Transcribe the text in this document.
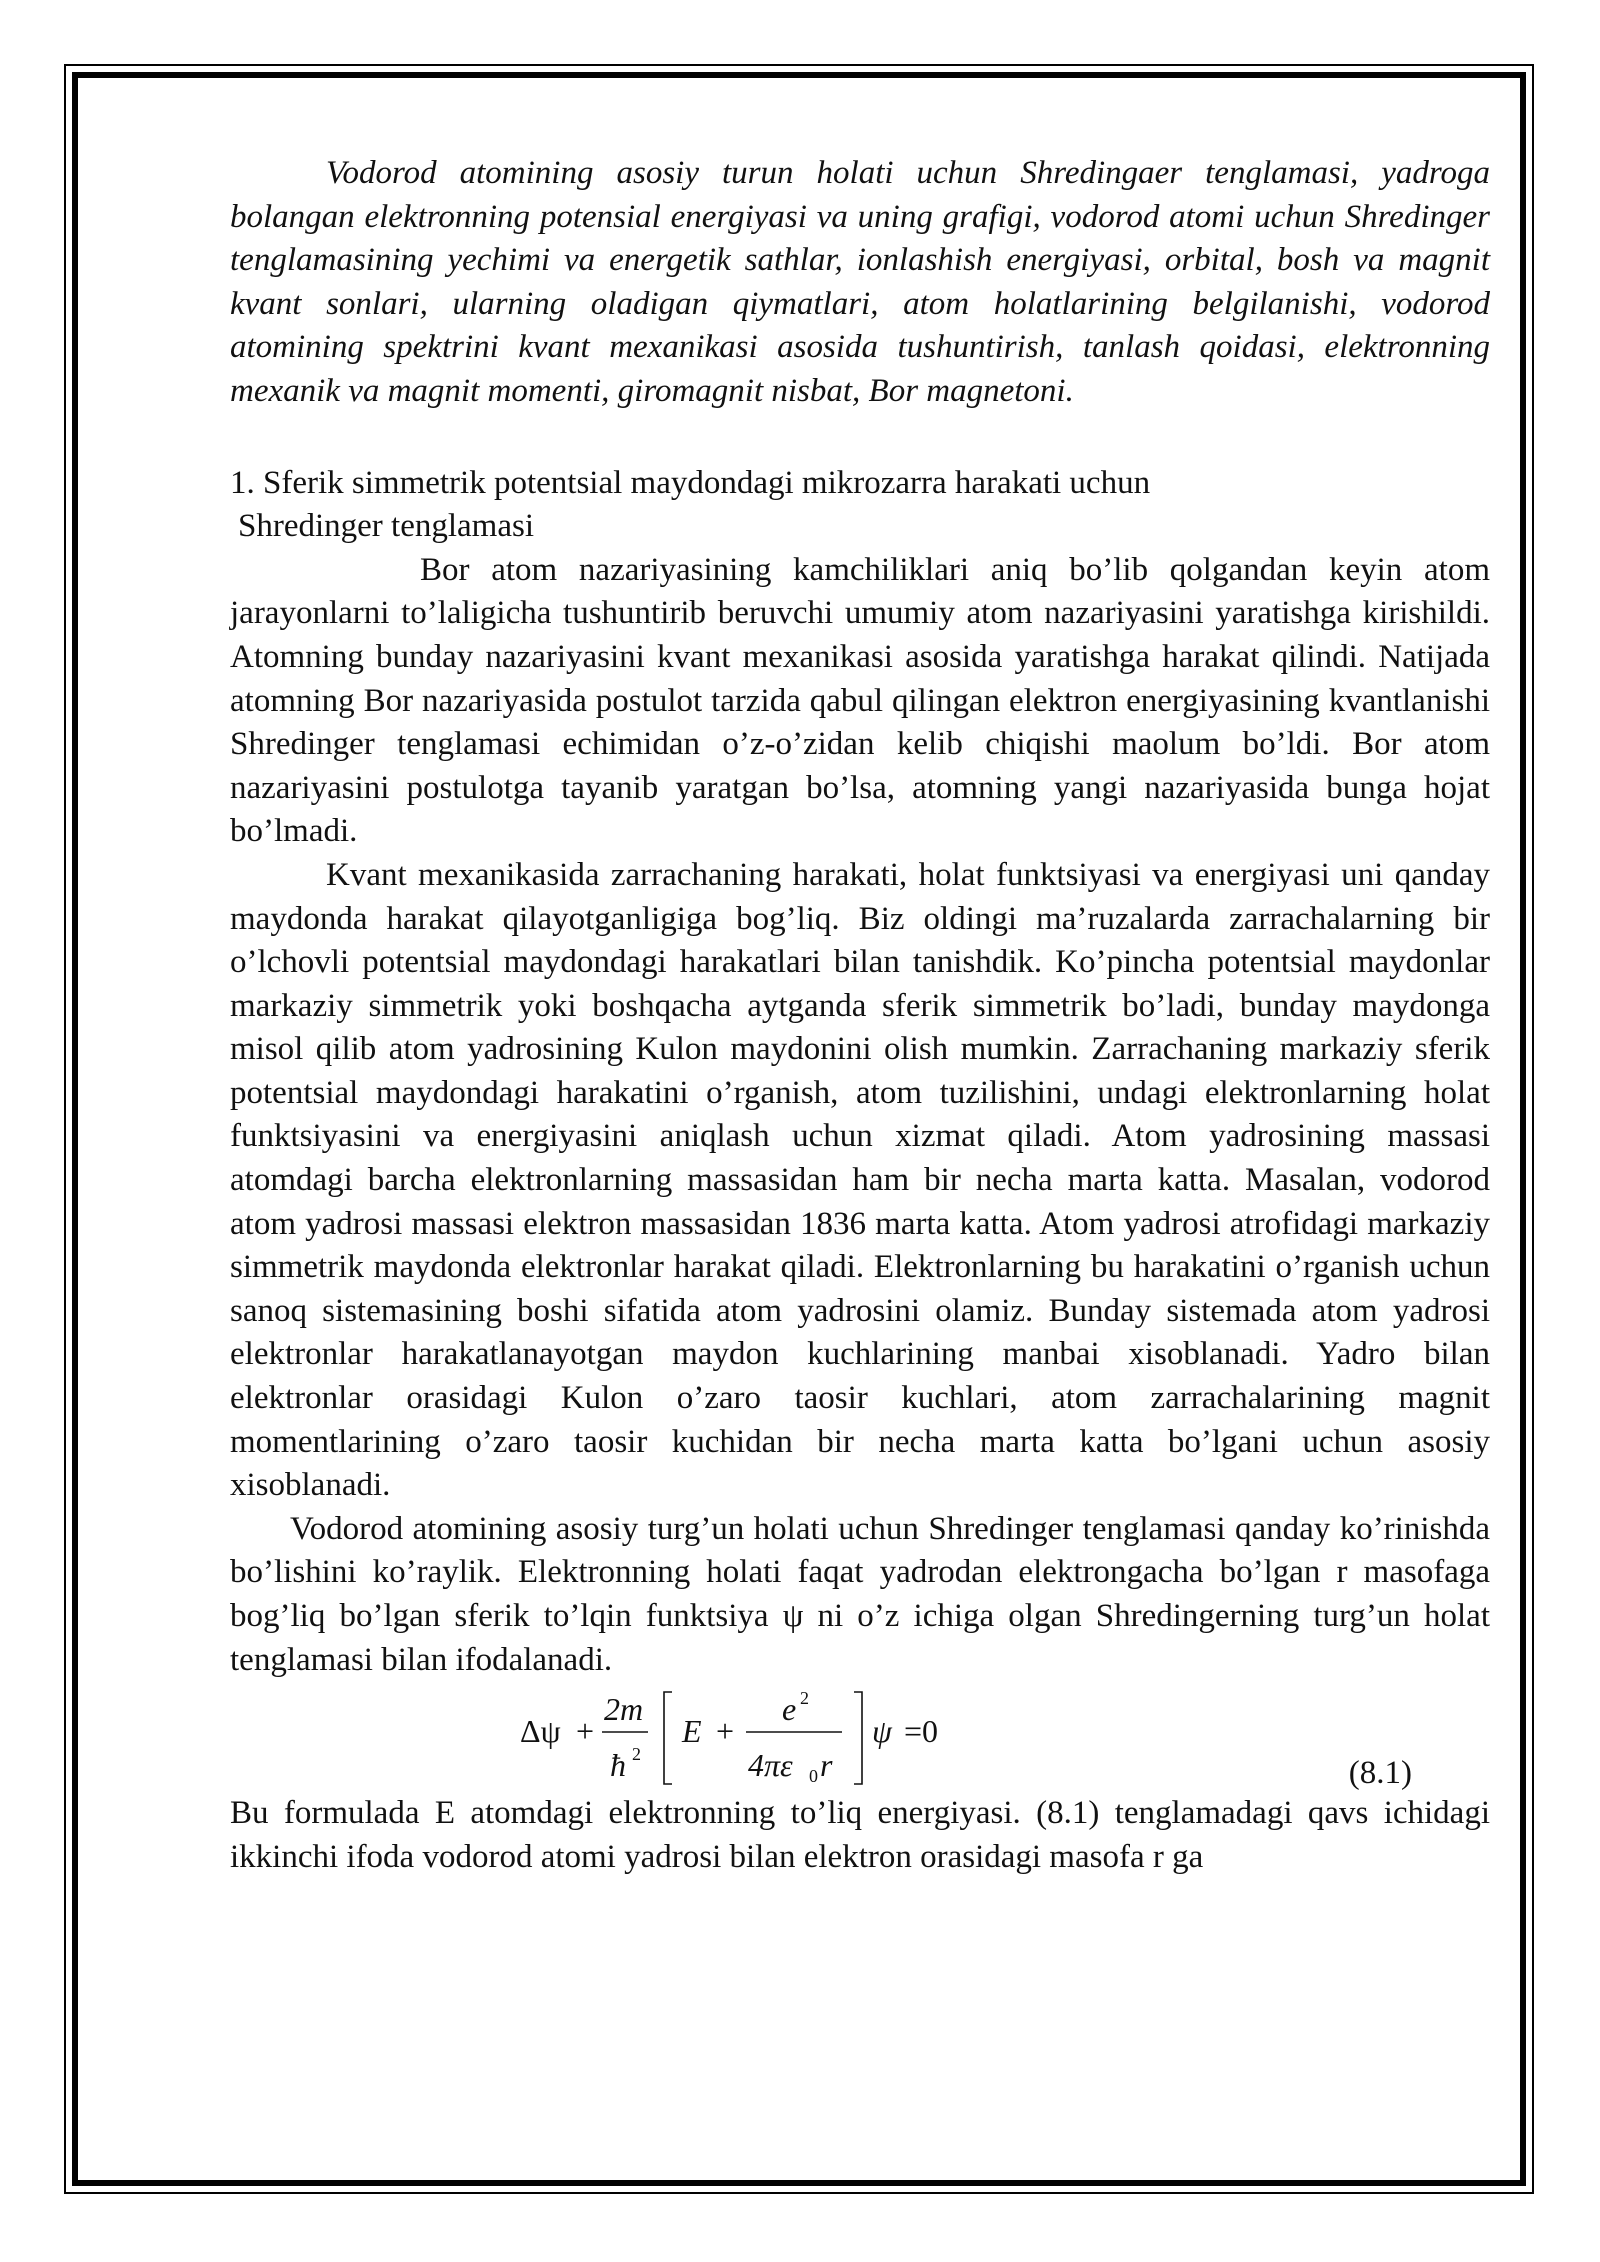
Vodorod atomining asosiy turun holati uchun Shredingaer tenglamasi, yadroga bolangan elektronning potensial energiyasi va uning grafigi, vodorod atomi uchun Shredinger tenglamasining yechimi va energetik sathlar, ionlashish energiyasi, orbital, bosh va magnit kvant sonlari, ularning oladigan qiymatlari, atom holatlarining belgilanishi, vodorod atomining spektrini kvant mexanikasi asosida tushuntirish, tanlash qoidasi, elektronning mexanik va magnit momenti, giromagnit nisbat, Bor magnetoni.

1. Sferik simmetrik potentsial maydondagi mikrozarra harakati uchun
Shredinger tenglamasi

Bor atom nazariyasining kamchiliklari aniq bo’lib qolgandan keyin atom jarayonlarni to’laligicha tushuntirib beruvchi umumiy atom nazariyasini yaratishga kirishildi. Atomning bunday nazariyasini kvant mexanikasi asosida yaratishga harakat qilindi. Natijada atomning Bor nazariyasida postulot tarzida qabul qilingan elektron energiyasining kvantlanishi Shredinger tenglamasi echimidan o’z-o’zidan kelib chiqishi maolum bo’ldi. Bor atom nazariyasini postulotga tayanib yaratgan bo’lsa, atomning yangi nazariyasida bunga hojat bo’lmadi.

Kvant mexanikasida zarrachaning harakati, holat funktsiyasi va energiyasi uni qanday maydonda harakat qilayotganligiga bog’liq. Biz oldingi ma’ruzalarda zarrachalarning bir o’lchovli potentsial maydondagi harakatlari bilan tanishdik. Ko’pincha potentsial maydonlar markaziy simmetrik yoki boshqacha aytganda sferik simmetrik bo’ladi, bunday maydonga misol qilib atom yadrosining Kulon maydonini olish mumkin. Zarrachaning markaziy sferik potentsial maydondagi harakatini o’rganish, atom tuzilishini, undagi elektronlarning holat funktsiyasini va energiyasini aniqlash uchun xizmat qiladi. Atom yadrosining massasi atomdagi barcha elektronlarning massasidan ham bir necha marta katta. Masalan, vodorod atom yadrosi massasi elektron massasidan 1836 marta katta. Atom yadrosi atrofidagi markaziy simmetrik maydonda elektronlar harakat qiladi. Elektronlarning bu harakatini o’rganish uchun sanoq sistemasining boshi sifatida atom yadrosini olamiz. Bunday sistemada atom yadrosi elektronlar harakatlanayotgan maydon kuchlarining manbai xisoblanadi. Yadro bilan elektronlar orasidagi Kulon o’zaro taosir kuchlari, atom zarrachalarining magnit momentlarining o’zaro taosir kuchidan bir necha marta katta bo’lgani uchun asosiy xisoblanadi.

Vodorod atomining asosiy turg’un holati uchun Shredinger tenglamasi qanday ko’rinishda bo’lishini ko’raylik. Elektronning holati faqat yadrodan elektrongacha bo’lgan r masofaga bog’liq bo’lgan sferik to’lqin funktsiya ψ ni o’z ichiga olgan Shredingerning turg’un holat tenglamasi bilan ifodalanadi.

Δψ +
2m
ħ 2
E +
e 2
4πε 0 r
ψ =0
(8.1)

Bu formulada E atomdagi elektronning to’liq energiyasi. (8.1) tenglamadagi qavs ichidagi ikkinchi ifoda vodorod atomi yadrosi bilan elektron orasidagi masofa r ga
